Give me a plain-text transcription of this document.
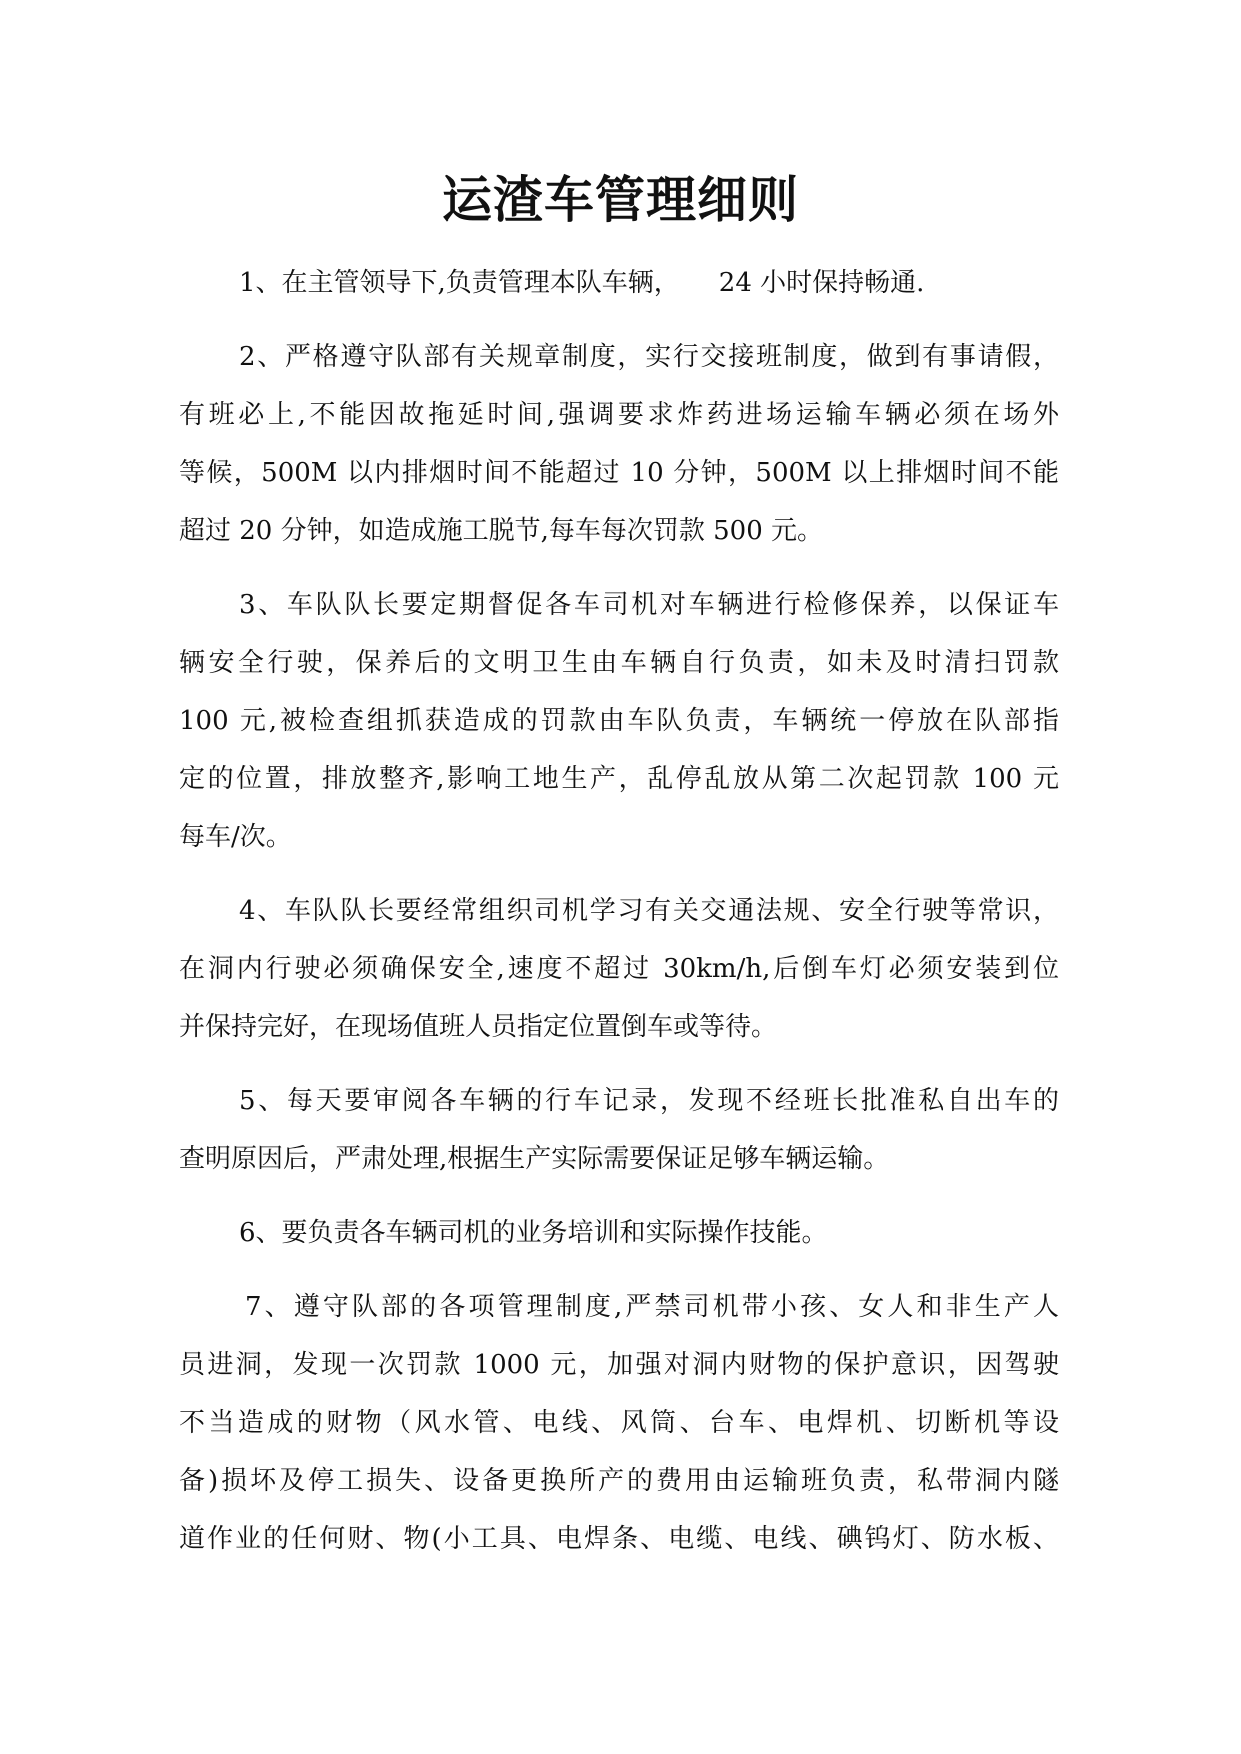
运渣车管理细则
1、在主管领导下,负责管理本队车辆，　　24 小时保持畅通.
2、严格遵守队部有关规章制度，实行交接班制度，做到有事请假，
有班必上,不能因故拖延时间,强调要求炸药进场运输车辆必须在场外
等候，500M 以内排烟时间不能超过 10 分钟，500M 以上排烟时间不能
超过 20 分钟，如造成施工脱节,每车每次罚款 500 元。
3、车队队长要定期督促各车司机对车辆进行检修保养，以保证车
辆安全行驶，保养后的文明卫生由车辆自行负责，如未及时清扫罚款
100 元,被检查组抓获造成的罚款由车队负责，车辆统一停放在队部指
定的位置，排放整齐,影响工地生产，乱停乱放从第二次起罚款 100 元
每车/次。
4、车队队长要经常组织司机学习有关交通法规、安全行驶等常识，
在洞内行驶必须确保安全,速度不超过 30km/h,后倒车灯必须安装到位
并保持完好，在现场值班人员指定位置倒车或等待。
5、每天要审阅各车辆的行车记录，发现不经班长批准私自出车的
查明原因后，严肃处理,根据生产实际需要保证足够车辆运输。
6、要负责各车辆司机的业务培训和实际操作技能。
7、遵守队部的各项管理制度,严禁司机带小孩、女人和非生产人
员进洞，发现一次罚款 1000 元，加强对洞内财物的保护意识，因驾驶
不当造成的财物（风水管、电线、风筒、台车、电焊机、切断机等设
备)损坏及停工损失、设备更换所产的费用由运输班负责，私带洞内隧
道作业的任何财、物(小工具、电焊条、电缆、电线、碘钨灯、防水板、
